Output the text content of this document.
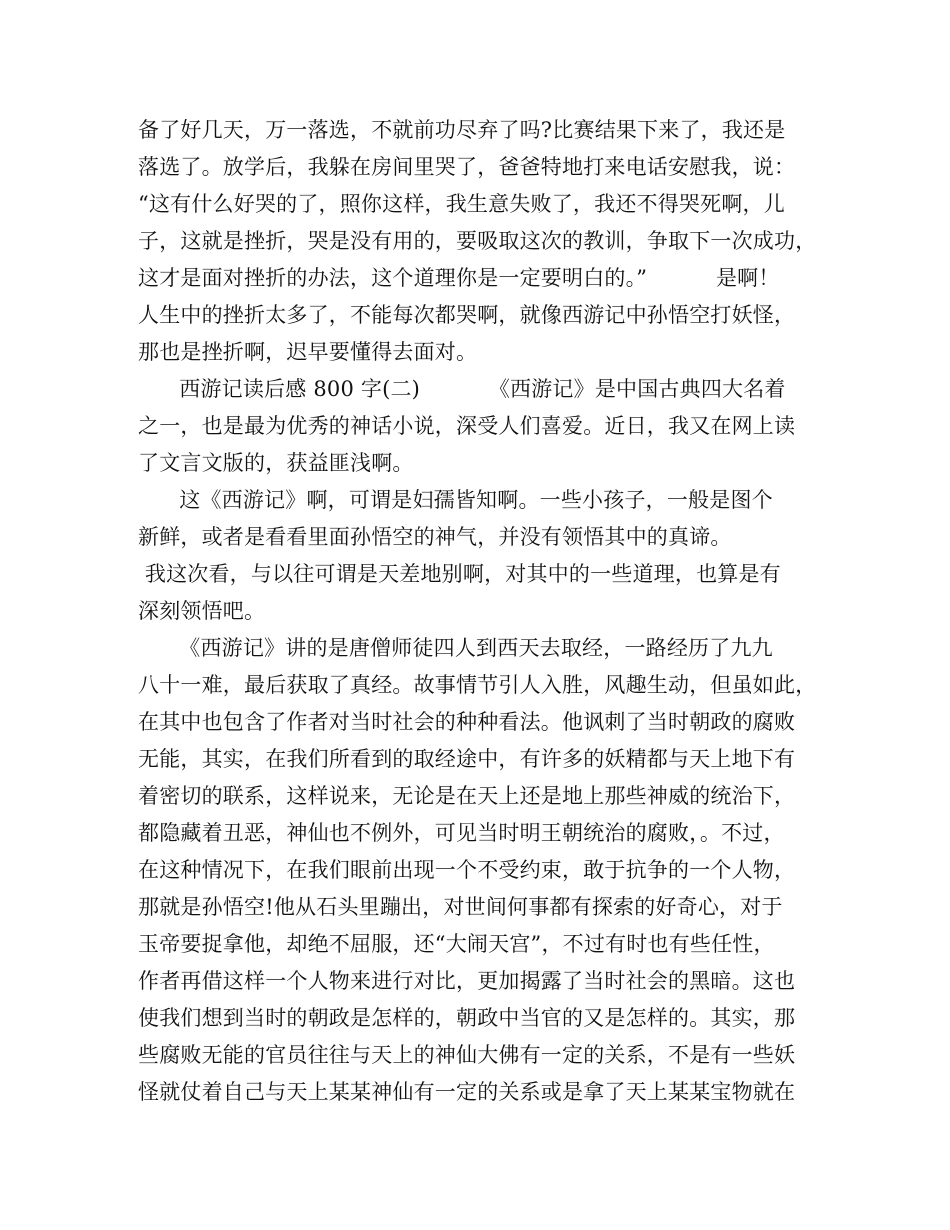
备了好几天，万一落选，不就前功尽弃了吗?比赛结果下来了，我还是
落选了。放学后，我躲在房间里哭了，爸爸特地打来电话安慰我，说：
“这有什么好哭的了，照你这样，我生意失败了，我还不得哭死啊，儿
子，这就是挫折，哭是没有用的，要吸取这次的教训，争取下一次成功，
这才是面对挫折的办法，这个道理你是一定要明白的。”          是啊！
人生中的挫折太多了，不能每次都哭啊，就像西游记中孙悟空打妖怪，
那也是挫折啊，迟早要懂得去面对。
西游记读后感 800 字(二)          《西游记》是中国古典四大名着
之一，也是最为优秀的神话小说，深受人们喜爱。近日，我又在网上读
了文言文版的，获益匪浅啊。
这《西游记》啊，可谓是妇孺皆知啊。一些小孩子，一般是图个
新鲜，或者是看看里面孙悟空的神气，并没有领悟其中的真谛。
我这次看，与以往可谓是天差地别啊，对其中的一些道理，也算是有
深刻领悟吧。
《西游记》讲的是唐僧师徒四人到西天去取经，一路经历了九九
八十一难，最后获取了真经。故事情节引人入胜，风趣生动，但虽如此，
在其中也包含了作者对当时社会的种种看法。他讽刺了当时朝政的腐败
无能，其实，在我们所看到的取经途中，有许多的妖精都与天上地下有
着密切的联系，这样说来，无论是在天上还是地上那些神威的统治下，
都隐藏着丑恶，神仙也不例外，可见当时明王朝统治的腐败，。不过，
在这种情况下，在我们眼前出现一个不受约束，敢于抗争的一个人物，
那就是孙悟空!他从石头里蹦出，对世间何事都有探索的好奇心，对于
玉帝要捉拿他，却绝不屈服，还“大闹天宫”，不过有时也有些任性，
作者再借这样一个人物来进行对比，更加揭露了当时社会的黑暗。这也
使我们想到当时的朝政是怎样的，朝政中当官的又是怎样的。其实，那
些腐败无能的官员往往与天上的神仙大佛有一定的关系，不是有一些妖
怪就仗着自己与天上某某神仙有一定的关系或是拿了天上某某宝物就在
